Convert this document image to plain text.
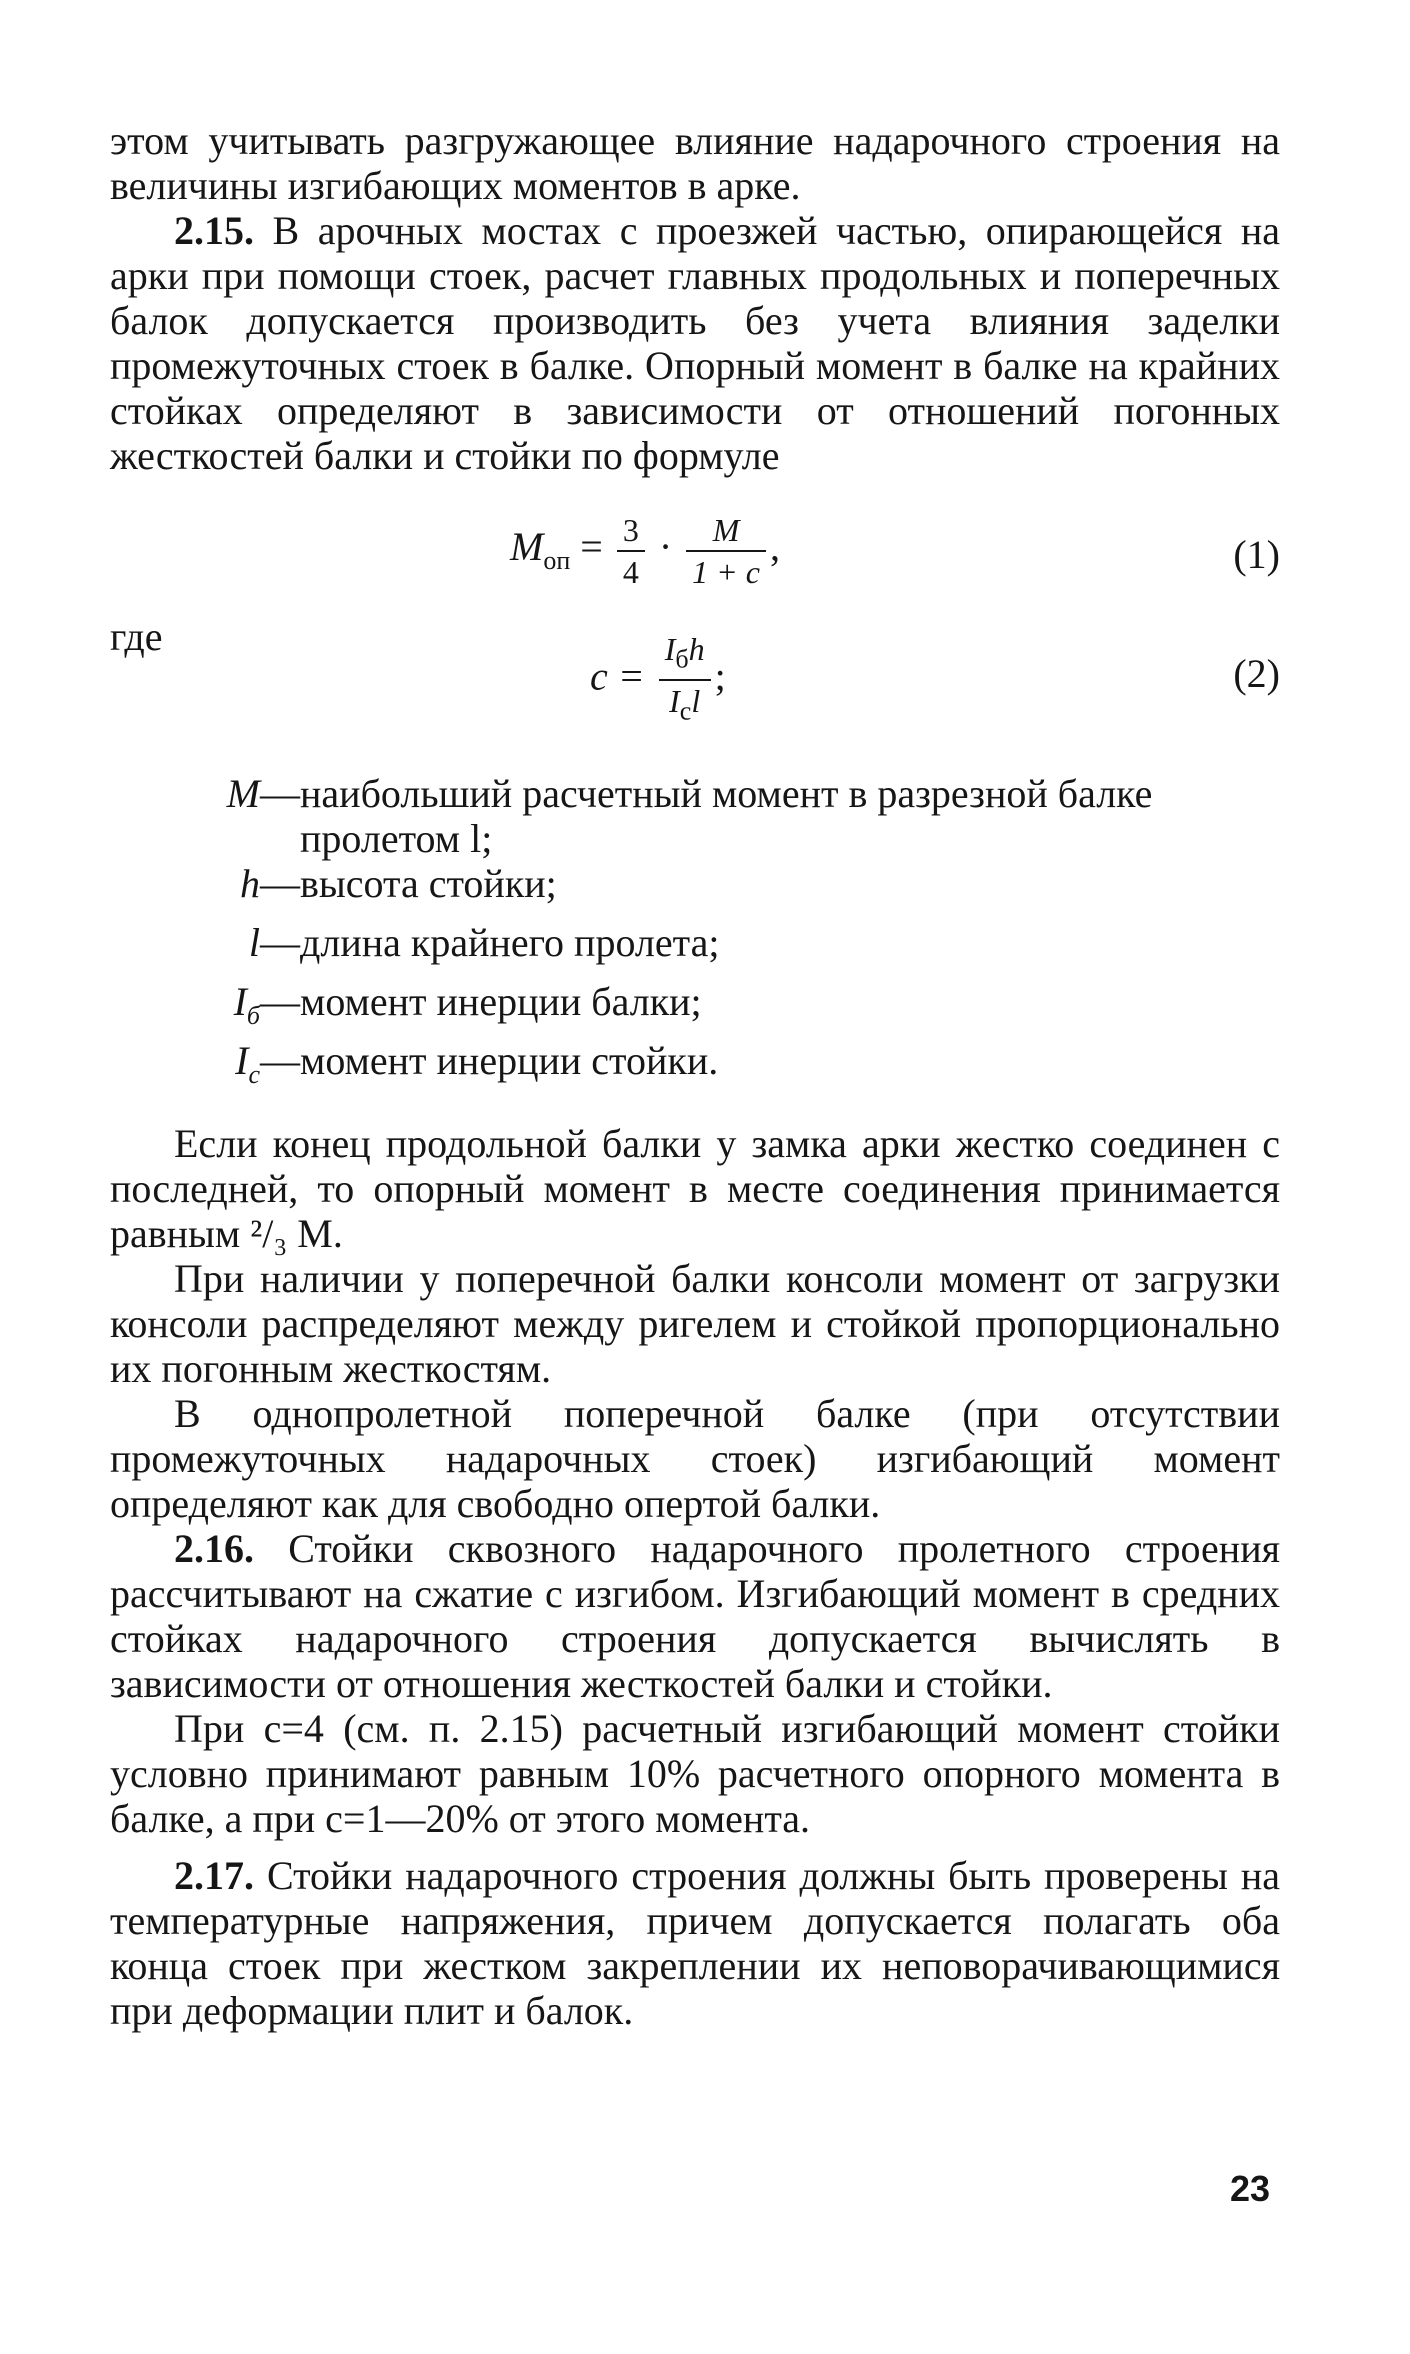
этом учитывать разгружающее влияние надарочного строения на величины изгибающих моментов в арке.

2.15. В арочных мостах с проезжей частью, опирающейся на арки при помощи стоек, расчет главных продольных и поперечных балок допускается производить без учета влияния заделки промежуточных стоек в балке. Опорный момент в балке на крайних стойках определяют в зависимости от отношений погонных жесткостей балки и стойки по формуле

$M_{оп} = \frac{3}{4} \cdot \frac{M}{1 + c}$ ,	(1)
где
$c = \frac{I_бh}{I_cl}$ ;	(2)
M — наибольший расчетный момент в разрезной балке пролетом l;
h — высота стойки;
l — длина крайнего пролета;
$I_б$ — момент инерции балки;
$I_c$ — момент инерции стойки.

Если конец продольной балки у замка арки жестко соединен с последней, то опорный момент в месте соединения принимается равным ²/₃ M.

При наличии у поперечной балки консоли момент от загрузки консоли распределяют между ригелем и стойкой пропорционально их погонным жесткостям.

В однопролетной поперечной балке (при отсутствии промежуточных надарочных стоек) изгибающий момент определяют как для свободно опертой балки.

2.16. Стойки сквозного надарочного пролетного строения рассчитывают на сжатие с изгибом. Изгибающий момент в средних стойках надарочного строения допускается вычислять в зависимости от отношения жесткостей балки и стойки.

При c=4 (см. п. 2.15) расчетный изгибающий момент стойки условно принимают равным 10% расчетного опорного момента в балке, а при c=1—20% от этого момента.

2.17. Стойки надарочного строения должны быть проверены на температурные напряжения, причем допускается полагать оба конца стоек при жестком закреплении их неповорачивающимися при деформации плит и балок.

23
